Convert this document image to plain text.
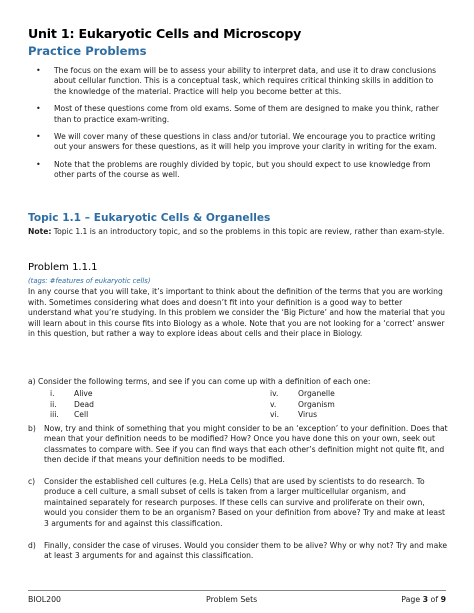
Unit 1: Eukaryotic Cells and Microscopy
Practice Problems
• The focus on the exam will be to assess your ability to interpret data, and use it to draw conclusions about cellular function. This is a conceptual task, which requires critical thinking skills in addition to the knowledge of the material. Practice will help you become better at this.
• Most of these questions come from old exams. Some of them are designed to make you think, rather than to practice exam-writing.
• We will cover many of these questions in class and/or tutorial. We encourage you to practice writing out your answers for these questions, as it will help you improve your clarity in writing for the exam.
• Note that the problems are roughly divided by topic, but you should expect to use knowledge from other parts of the course as well.
Topic 1.1 – Eukaryotic Cells & Organelles
Note: Topic 1.1 is an introductory topic, and so the problems in this topic are review, rather than exam-style.
Problem 1.1.1
(tags: #features of eukaryotic cells)
In any course that you will take, it’s important to think about the definition of the terms that you are working with. Sometimes considering what does and doesn’t fit into your definition is a good way to better understand what you’re studying. In this problem we consider the ‘Big Picture’ and how the material that you will learn about in this course fits into Biology as a whole. Note that you are not looking for a ‘correct’ answer in this question, but rather a way to explore ideas about cells and their place in Biology.
a) Consider the following terms, and see if you can come up with a definition of each one:
i.	Alive	iv.	Organelle
ii. Dead	v.	Organism
iii. Cell	vi. Virus
b) Now, try and think of something that you might consider to be an ‘exception’ to your definition. Does that mean that your definition needs to be modified? How? Once you have done this on your own, seek out classmates to compare with. See if you can find ways that each other’s definition might not quite fit, and then decide if that means your definition needs to be modified.
c) Consider the established cell cultures (e.g. HeLa Cells) that are used by scientists to do research. To produce a cell culture, a small subset of cells is taken from a larger multicellular organism, and maintained separately for research purposes. If these cells can survive and proliferate on their own, would you consider them to be an organism? Based on your definition from above? Try and make at least 3 arguments for and against this classification.
d) Finally, consider the case of viruses. Would you consider them to be alive? Why or why not? Try and make at least 3 arguments for and against this classification.
BIOL200	Problem Sets	Page 3 of 9
